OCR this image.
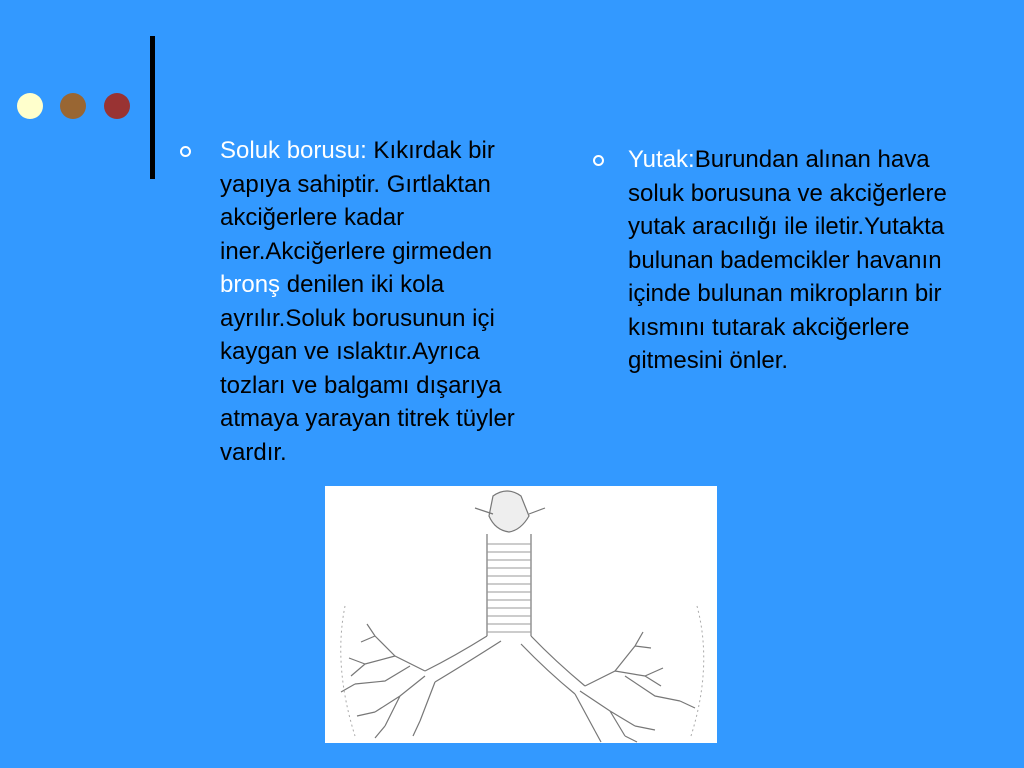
Soluk borusu: Kıkırdak bir yapıya sahiptir. Gırtlaktan akciğerlere kadar iner.Akciğerlere girmeden bronş denilen iki kola ayrılır.Soluk borusunun içi kaygan ve ıslaktır.Ayrıca tozları ve balgamı dışarıya atmaya yarayan titrek tüyler vardır.
Yutak:Burundan alınan hava soluk borusuna ve akciğerlere yutak aracılığı ile iletir.Yutakta bulunan bademcikler havanın içinde bulunan mikropların bir kısmını tutarak akciğerlere gitmesini önler.
